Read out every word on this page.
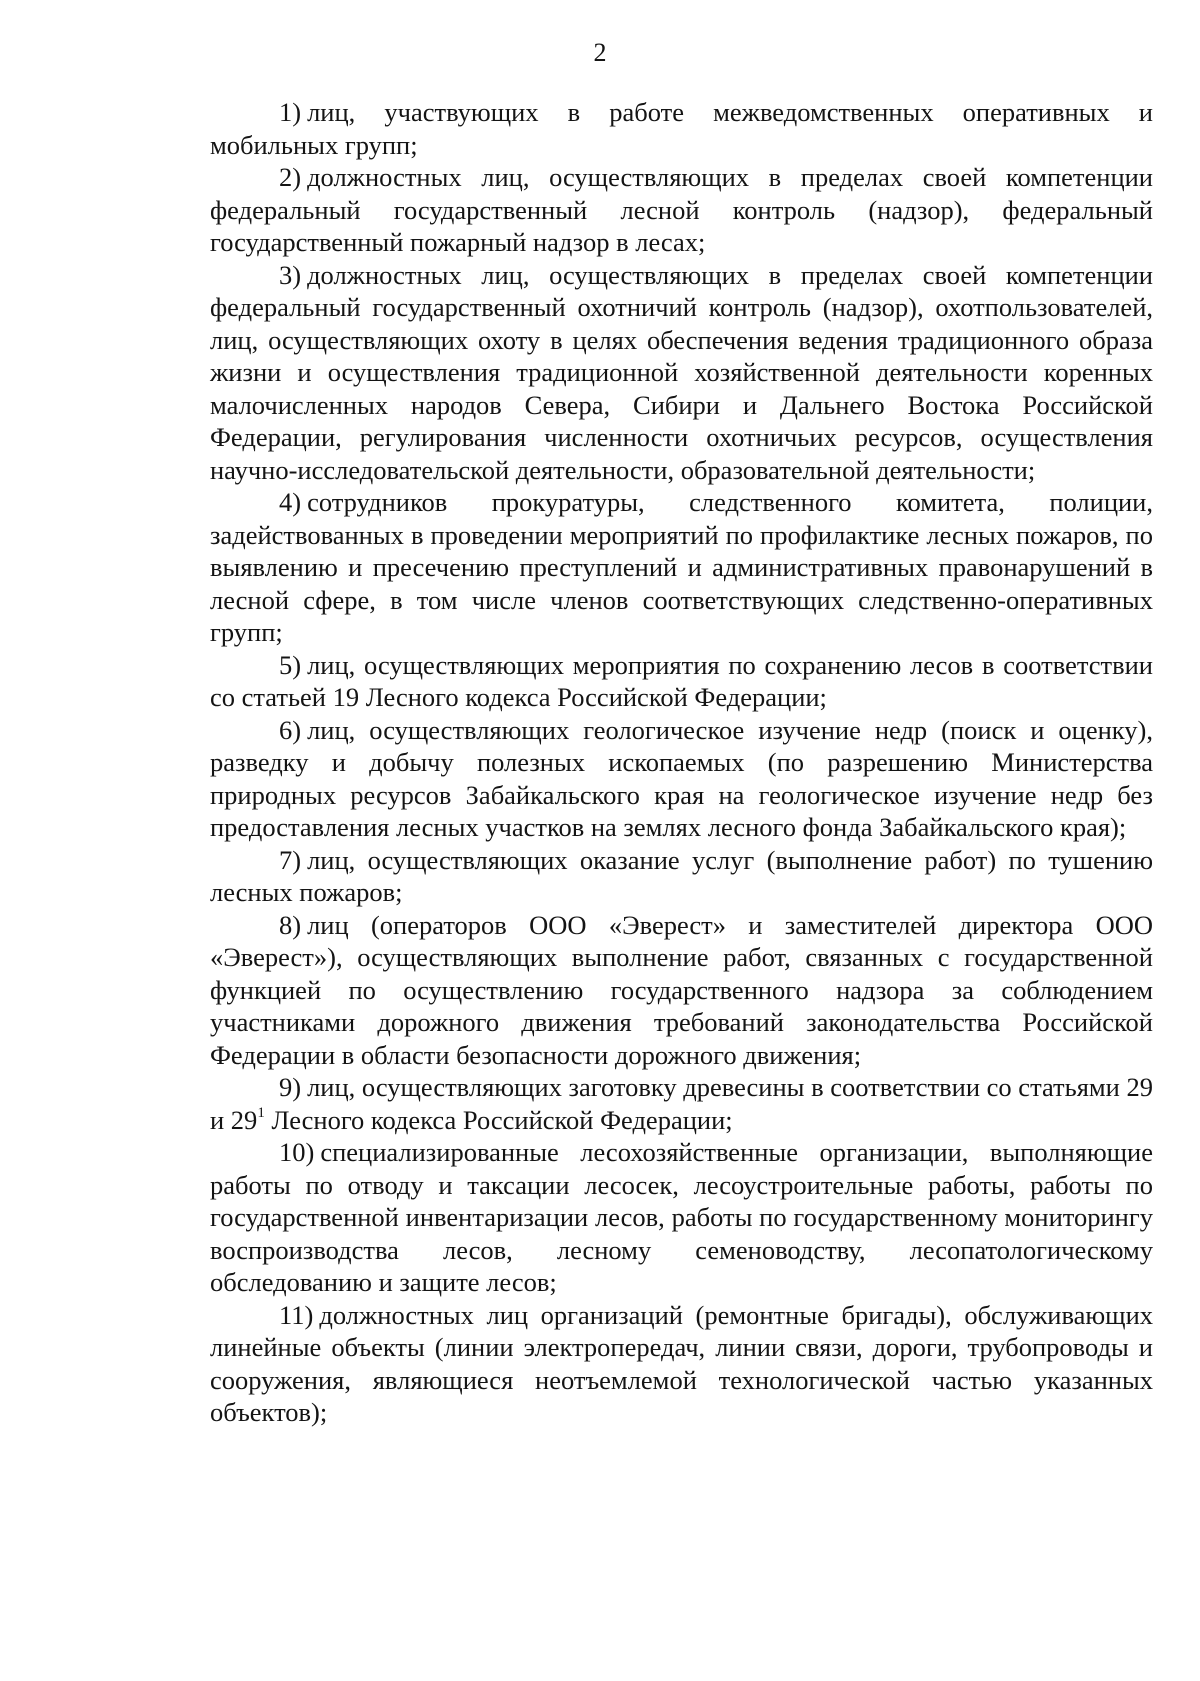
2

1) лиц, участвующих в работе межведомственных оперативных и мобильных групп;

2) должностных лиц, осуществляющих в пределах своей компетенции федеральный государственный лесной контроль (надзор), федеральный государственный пожарный надзор в лесах;

3) должностных лиц, осуществляющих в пределах своей компетенции федеральный государственный охотничий контроль (надзор), охотпользователей, лиц, осуществляющих охоту в целях обеспечения ведения традиционного образа жизни и осуществления традиционной хозяйственной деятельности коренных малочисленных народов Севера, Сибири и Дальнего Востока Российской Федерации, регулирования численности охотничьих ресурсов, осуществления научно-исследовательской деятельности, образовательной деятельности;

4) сотрудников прокуратуры, следственного комитета, полиции, задействованных в проведении мероприятий по профилактике лесных пожаров, по выявлению и пресечению преступлений и административных правонарушений в лесной сфере, в том числе членов соответствующих следственно-оперативных групп;

5) лиц, осуществляющих мероприятия по сохранению лесов в соответствии со статьей 19 Лесного кодекса Российской Федерации;

6) лиц, осуществляющих геологическое изучение недр (поиск и оценку), разведку и добычу полезных ископаемых (по разрешению Министерства природных ресурсов Забайкальского края на геологическое изучение недр без предоставления лесных участков на землях лесного фонда Забайкальского края);

7) лиц, осуществляющих оказание услуг (выполнение работ) по тушению лесных пожаров;

8) лиц (операторов ООО «Эверест» и заместителей директора ООО «Эверест»), осуществляющих выполнение работ, связанных с государственной функцией по осуществлению государственного надзора за соблюдением участниками дорожного движения требований законодательства Российской Федерации в области безопасности дорожного движения;

9) лиц, осуществляющих заготовку древесины в соответствии со статьями 29 и $29^1$ Лесного кодекса Российской Федерации;

10) специализированные лесохозяйственные организации, выполняющие работы по отводу и таксации лесосек, лесоустроительные работы, работы по государственной инвентаризации лесов, работы по государственному мониторингу воспроизводства лесов, лесному семеноводству, лесопатологическому обследованию и защите лесов;

11) должностных лиц организаций (ремонтные бригады), обслуживающих линейные объекты (линии электропередач, линии связи, дороги, трубопроводы и сооружения, являющиеся неотъемлемой технологической частью указанных объектов);
